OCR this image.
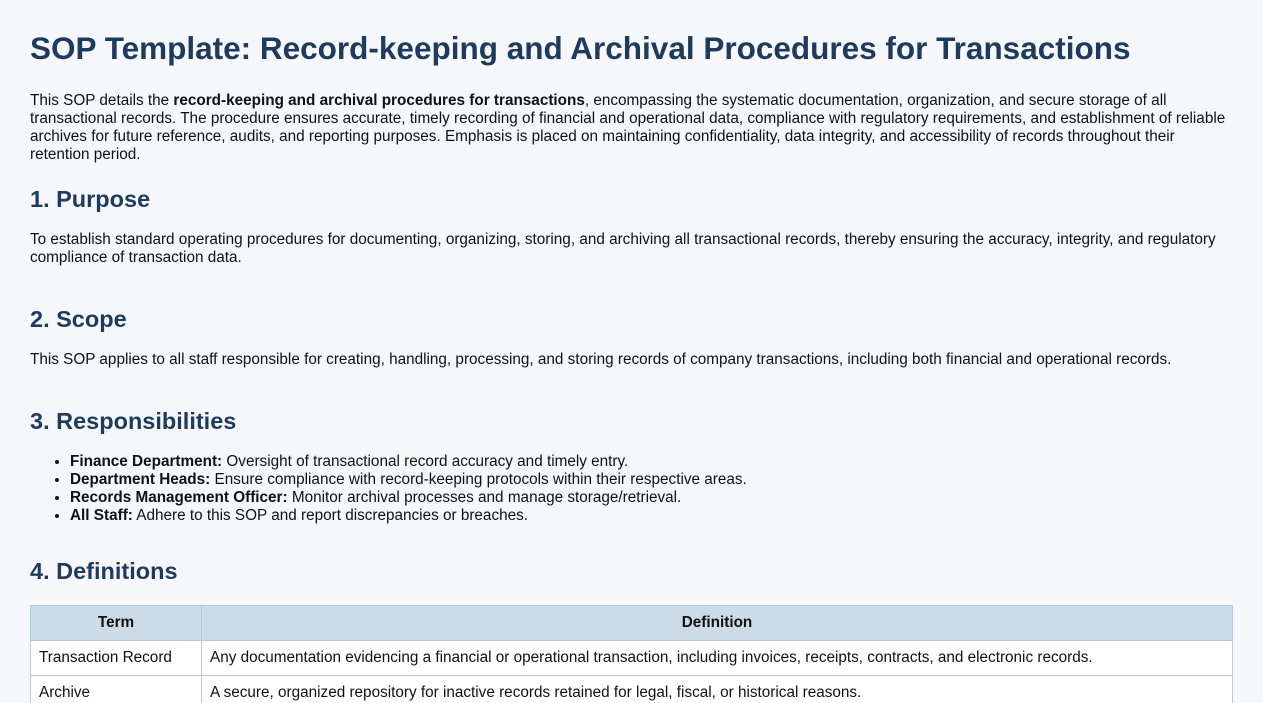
SOP Template: Record-keeping and Archival Procedures for Transactions

This SOP details the record-keeping and archival procedures for transactions, encompassing the systematic documentation, organization, and secure storage of all transactional records. The procedure ensures accurate, timely recording of financial and operational data, compliance with regulatory requirements, and establishment of reliable archives for future reference, audits, and reporting purposes. Emphasis is placed on maintaining confidentiality, data integrity, and accessibility of records throughout their retention period.

1. Purpose

To establish standard operating procedures for documenting, organizing, storing, and archiving all transactional records, thereby ensuring the accuracy, integrity, and regulatory compliance of transaction data.

2. Scope

This SOP applies to all staff responsible for creating, handling, processing, and storing records of company transactions, including both financial and operational records.

3. Responsibilities
• Finance Department: Oversight of transactional record accuracy and timely entry.
• Department Heads: Ensure compliance with record-keeping protocols within their respective areas.
• Records Management Officer: Monitor archival processes and manage storage/retrieval.
• All Staff: Adhere to this SOP and report discrepancies or breaches.
4. Definitions
Term	Definition
Transaction Record	Any documentation evidencing a financial or operational transaction, including invoices, receipts, contracts, and electronic records.
Archive	A secure, organized repository for inactive records retained for legal, fiscal, or historical reasons.
